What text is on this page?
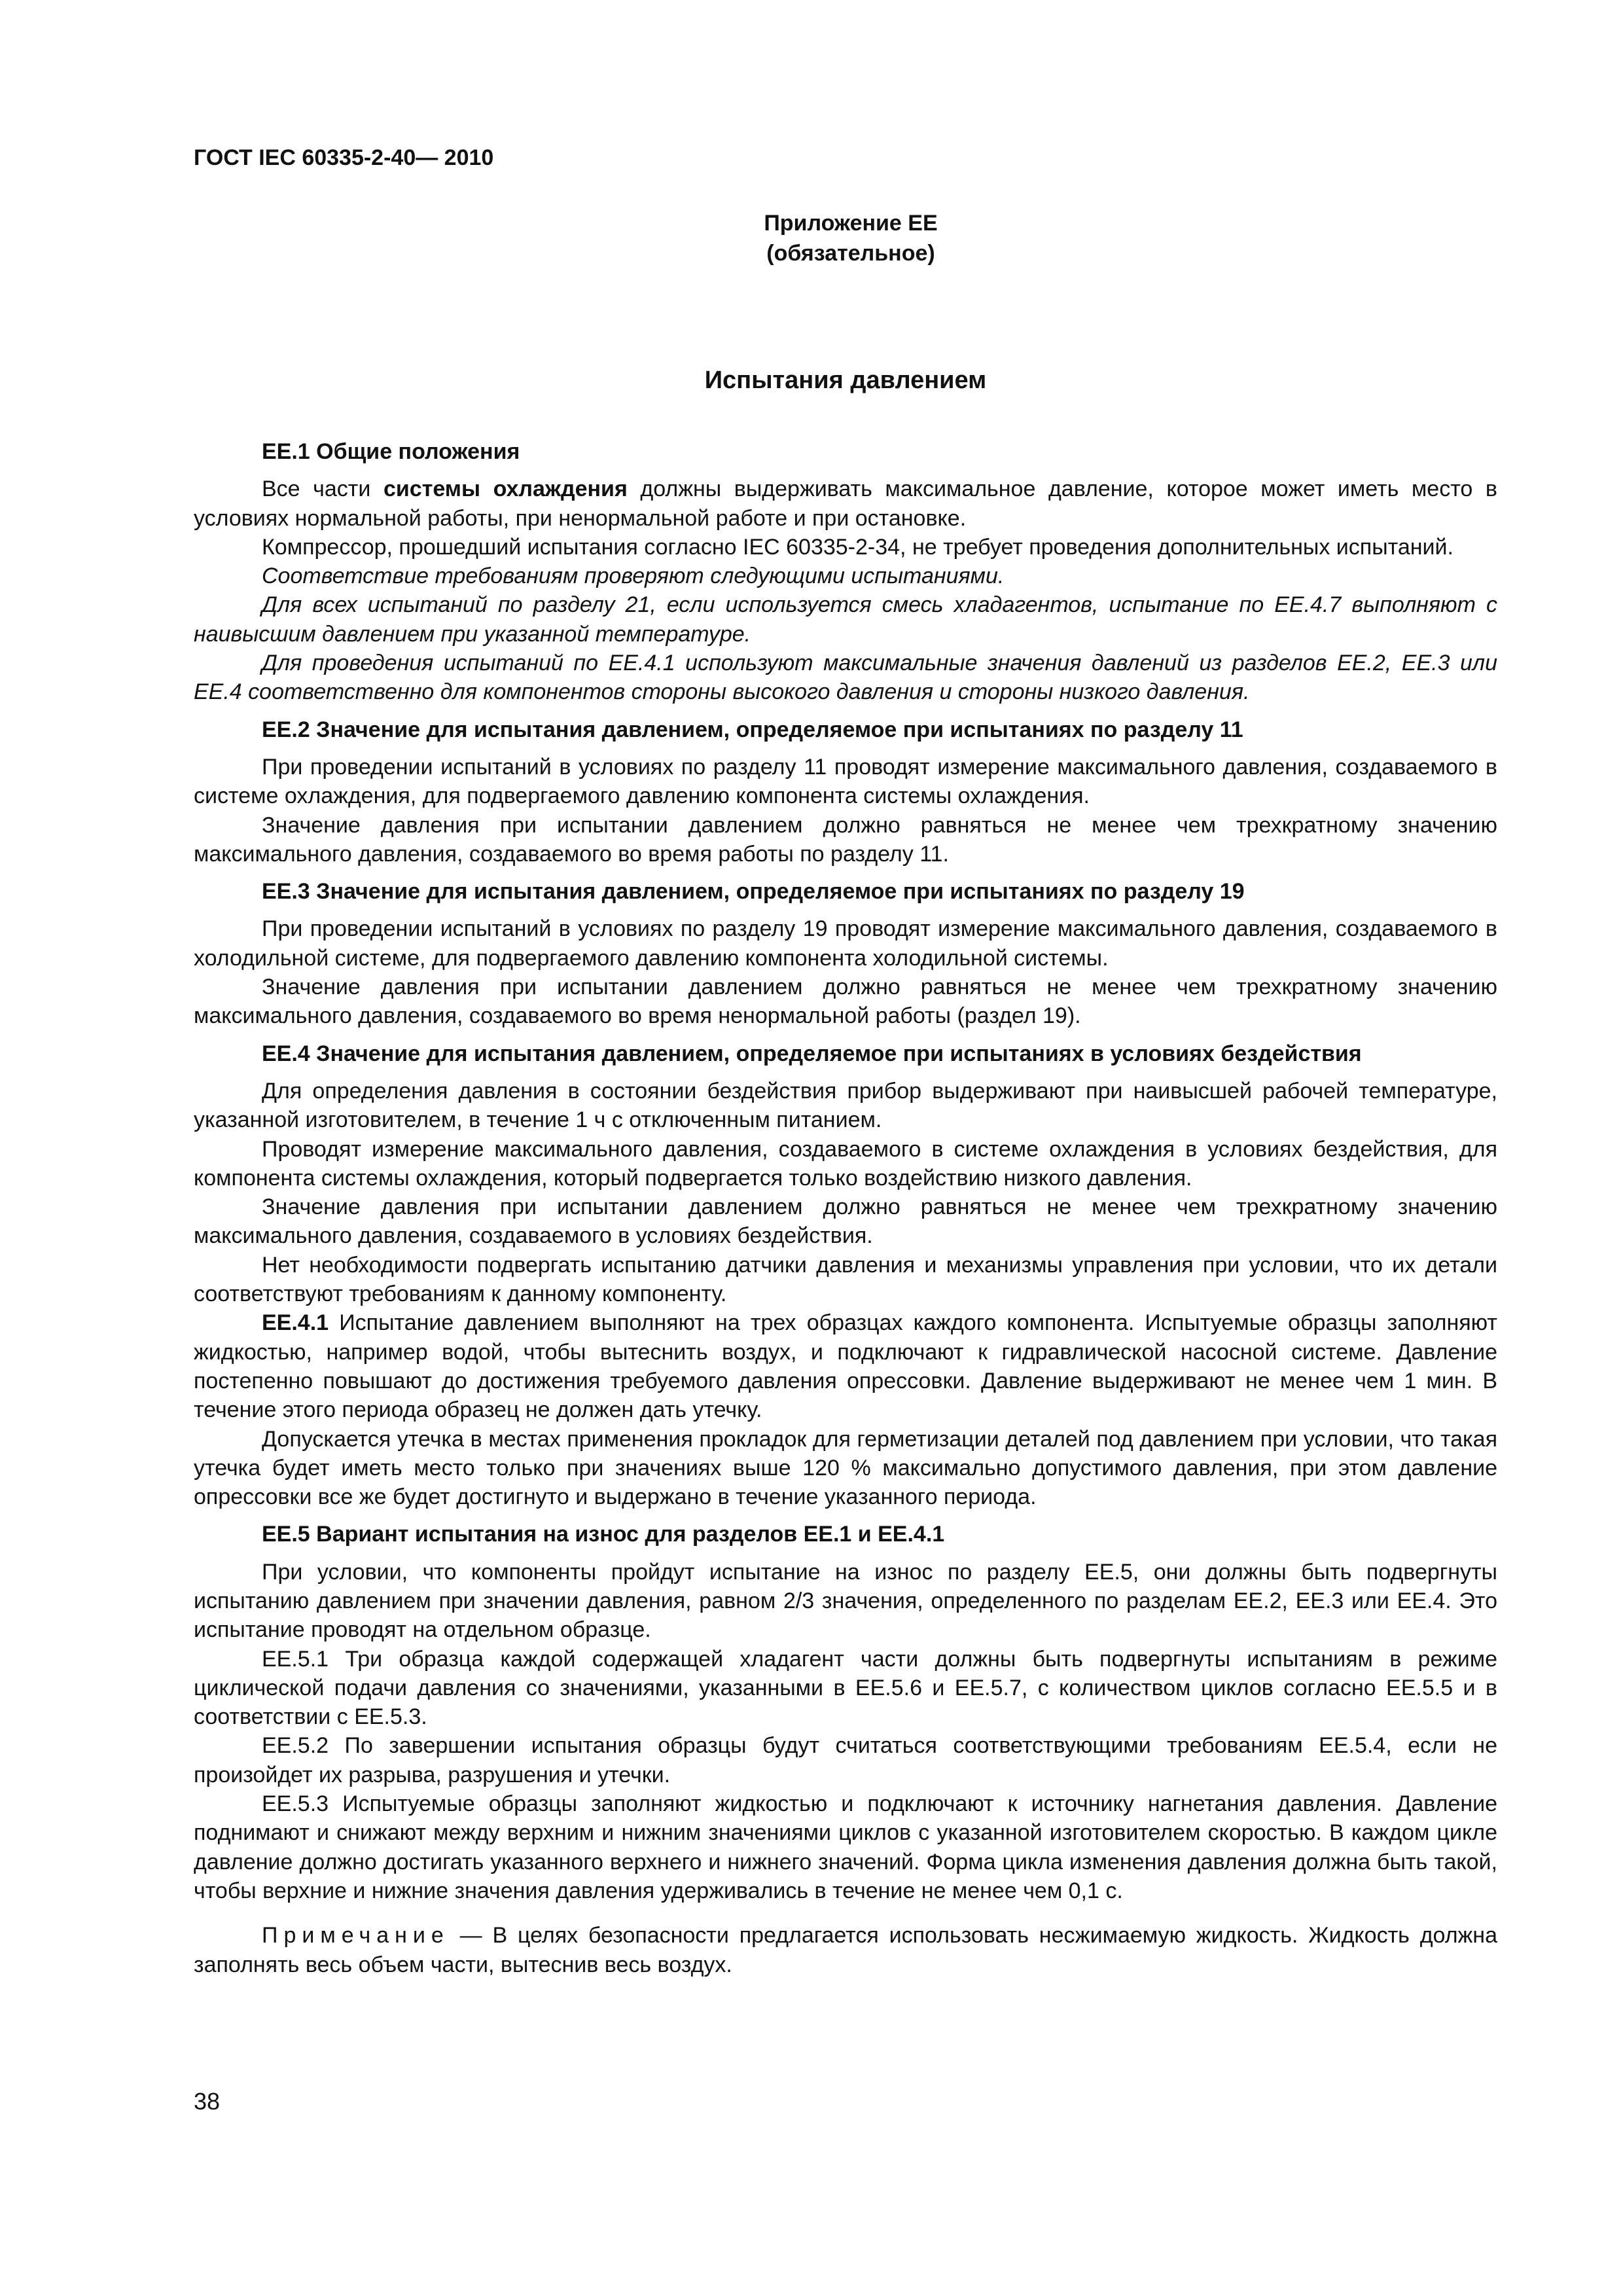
ГОСТ IEC 60335-2-40— 2010

Приложение ЕЕ
(обязательное)
Испытания давлением
ЕЕ.1 Общие положения

Все части системы охлаждения должны выдерживать максимальное давление, которое может иметь место в условиях нормальной работы, при ненормальной работе и при остановке.

Компрессор, прошедший испытания согласно IEC 60335-2-34, не требует проведения дополнительных испытаний.

Соответствие требованиям проверяют следующими испытаниями.

Для всех испытаний по разделу 21, если используется смесь хладагентов, испытание по ЕЕ.4.7 выполняют с наивысшим давлением при указанной температуре.

Для проведения испытаний по ЕЕ.4.1 используют максимальные значения давлений из разделов ЕЕ.2, ЕЕ.3 или ЕЕ.4 соответственно для компонентов стороны высокого давления и стороны низкого давления.

ЕЕ.2 Значение для испытания давлением, определяемое при испытаниях по разделу 11

При проведении испытаний в условиях по разделу 11 проводят измерение максимального давления, создаваемого в системе охлаждения, для подвергаемого давлению компонента системы охлаждения.

Значение давления при испытании давлением должно равняться не менее чем трехкратному значению максимального давления, создаваемого во время работы по разделу 11.

ЕЕ.3 Значение для испытания давлением, определяемое при испытаниях по разделу 19

При проведении испытаний в условиях по разделу 19 проводят измерение максимального давления, создаваемого в холодильной системе, для подвергаемого давлению компонента холодильной системы.

Значение давления при испытании давлением должно равняться не менее чем трехкратному значению максимального давления, создаваемого во время ненормальной работы (раздел 19).

ЕЕ.4 Значение для испытания давлением, определяемое при испытаниях в условиях бездействия

Для определения давления в состоянии бездействия прибор выдерживают при наивысшей рабочей температуре, указанной изготовителем, в течение 1 ч с отключенным питанием.

Проводят измерение максимального давления, создаваемого в системе охлаждения в условиях бездействия, для компонента системы охлаждения, который подвергается только воздействию низкого давления.

Значение давления при испытании давлением должно равняться не менее чем трехкратному значению максимального давления, создаваемого в условиях бездействия.

Нет необходимости подвергать испытанию датчики давления и механизмы управления при условии, что их детали соответствуют требованиям к данному компоненту.

ЕЕ.4.1 Испытание давлением выполняют на трех образцах каждого компонента. Испытуемые образцы заполняют жидкостью, например водой, чтобы вытеснить воздух, и подключают к гидравлической насосной системе. Давление постепенно повышают до достижения требуемого давления опрессовки. Давление выдерживают не менее чем 1 мин. В течение этого периода образец не должен дать утечку.

Допускается утечка в местах применения прокладок для герметизации деталей под давлением при условии, что такая утечка будет иметь место только при значениях выше 120 % максимально допустимого давления, при этом давление опрессовки все же будет достигнуто и выдержано в течение указанного периода.

ЕЕ.5 Вариант испытания на износ для разделов ЕЕ.1 и ЕЕ.4.1

При условии, что компоненты пройдут испытание на износ по разделу ЕЕ.5, они должны быть подвергнуты испытанию давлением при значении давления, равном 2/3 значения, определенного по разделам ЕЕ.2, ЕЕ.3 или ЕЕ.4. Это испытание проводят на отдельном образце.

ЕЕ.5.1 Три образца каждой содержащей хладагент части должны быть подвергнуты испытаниям в режиме циклической подачи давления со значениями, указанными в ЕЕ.5.6 и ЕЕ.5.7, с количеством циклов согласно ЕЕ.5.5 и в соответствии с ЕЕ.5.3.

ЕЕ.5.2 По завершении испытания образцы будут считаться соответствующими требованиям ЕЕ.5.4, если не произойдет их разрыва, разрушения и утечки.

ЕЕ.5.3 Испытуемые образцы заполняют жидкостью и подключают к источнику нагнетания давления. Давление поднимают и снижают между верхним и нижним значениями циклов с указанной изготовителем скоростью. В каждом цикле давление должно достигать указанного верхнего и нижнего значений. Форма цикла изменения давления должна быть такой, чтобы верхние и нижние значения давления удерживались в течение не менее чем 0,1 с.

Примечание — В целях безопасности предлагается использовать несжимаемую жидкость. Жидкость должна заполнять весь объем части, вытеснив весь воздух.

38
